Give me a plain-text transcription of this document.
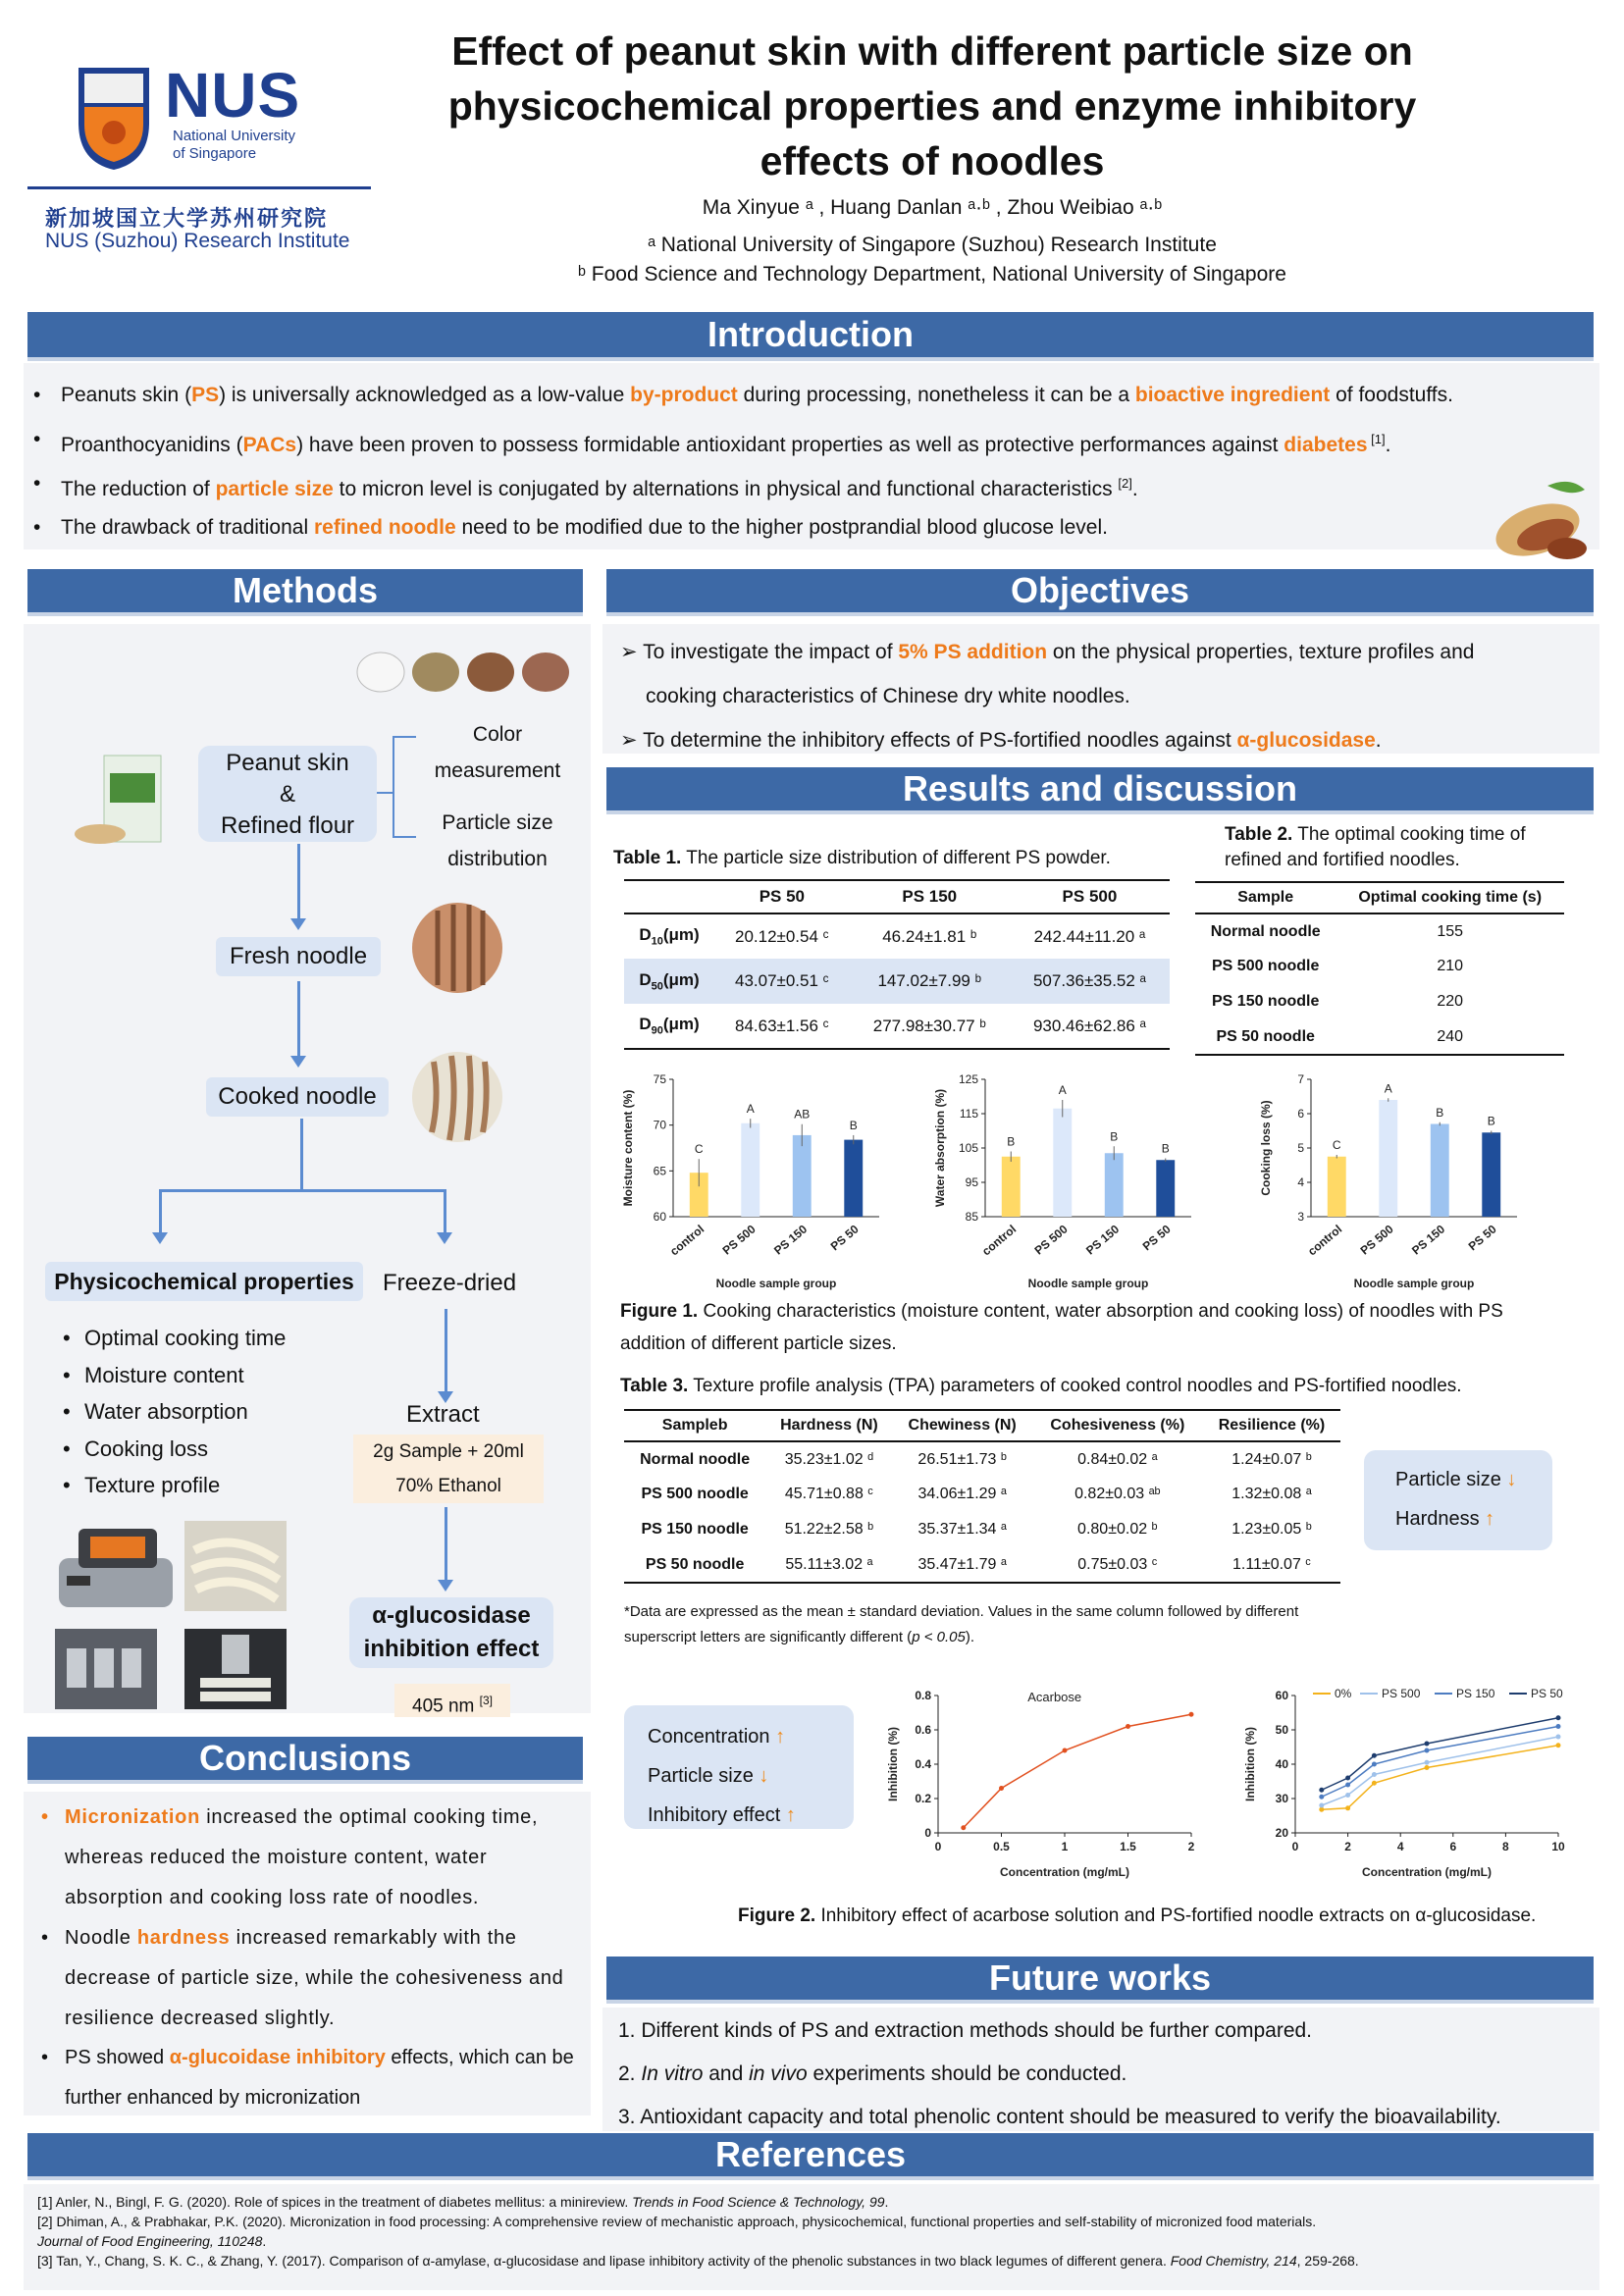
NUS
National University
of Singapore
新加坡国立大学苏州研究院
NUS (Suzhou) Research Institute
Effect of peanut skin with different particle size on
physicochemical properties and enzyme inhibitory
effects of noodles
Ma Xinyue ᵃ , Huang Danlan ᵃ·ᵇ , Zhou Weibiao ᵃ·ᵇ
ᵃ National University of Singapore (Suzhou) Research Institute
ᵇ Food Science and Technology Department, National University of Singapore
Introduction
• Peanuts skin (PS) is universally acknowledged as a low-value by-product during processing, nonetheless it can be a bioactive ingredient of foodstuffs.
• Proanthocyanidins (PACs) have been proven to possess formidable antioxidant properties as well as protective performances against diabetes [1].
• The reduction of particle size to micron level is conjugated by alternations in physical and functional characteristics [2].
• The drawback of traditional refined noodle need to be modified due to the higher postprandial blood glucose level.
Methods
Peanut skin
&
Refined flour
Color
measurement
Particle size
distribution
Fresh noodle
Cooked noodle
Physicochemical properties	Freeze-dried
• Optimal cooking time
• Moisture content
• Water absorption
• Cooking loss
• Texture profile
Extract
2g Sample + 20ml
70% Ethanol
α-glucosidase
inhibition effect
405 nm [3]
Conclusions
• Micronization increased the optimal cooking time,
whereas reduced the moisture content, water
absorption and cooking loss rate of noodles.
• Noodle hardness increased remarkably with the
decrease of particle size, while the cohesiveness and
resilience decreased slightly.
• PS showed α-glucoidase inhibitory effects, which can be
further enhanced by micronization
Objectives
➢ To investigate the impact of 5% PS addition on the physical properties, texture profiles and
cooking characteristics of Chinese dry white noodles.
➢ To determine the inhibitory effects of PS-fortified noodles against α-glucosidase.
Results and discussion
Table 1. The particle size distribution of different PS powder.
	PS 50	PS 150	PS 500
$D_{10}(\mu m)$	20.12±0.54 ᶜ	46.24±1.81 ᵇ	242.44±11.20 ᵃ
$D_{50}(\mu m)$	43.07±0.51 ᶜ	147.02±7.99 ᵇ	507.36±35.52 ᵃ
$D_{90}(\mu m)$	84.63±1.56 ᶜ	277.98±30.77 ᵇ	930.46±62.86 ᵃ
Table 2. The optimal cooking time of
refined and fortified noodles.
Sample	Optimal cooking time (s)
Normal noodle	155
PS 500 noodle	210
PS 150 noodle	220
PS 50 noodle	240
60
65
70
75
C
control
A
PS 500
AB
PS 150
B
PS 50
Noodle sample group
Moisture content (%)
85
95
105
115
125
B
control
A
PS 500
B
PS 150
B
PS 50
Noodle sample group
Water absorption (%)
3
4
5
6
7
C
control
A
PS 500
B
PS 150
B
PS 50
Noodle sample group
Cooking loss (%)
Figure 1. Cooking characteristics (moisture content, water absorption and cooking loss) of noodles with PS
addition of different particle sizes.
Table 3. Texture profile analysis (TPA) parameters of cooked control noodles and PS-fortified noodles.
Sampleb	Hardness (N)	Chewiness (N)	Cohesiveness (%)	Resilience (%)
Normal noodle	35.23±1.02 ᵈ	26.51±1.73 ᵇ	0.84±0.02 ᵃ	1.24±0.07 ᵇ
PS 500 noodle	45.71±0.88 ᶜ	34.06±1.29 ᵃ	0.82±0.03 ᵃᵇ	1.32±0.08 ᵃ
PS 150 noodle	51.22±2.58 ᵇ	35.37±1.34 ᵃ	0.80±0.02 ᵇ	1.23±0.05 ᵇ
PS 50 noodle	55.11±3.02 ᵃ	35.47±1.79 ᵃ	0.75±0.03 ᶜ	1.11±0.07 ᶜ
*Data are expressed as the mean ± standard deviation. Values in the same column followed by different
superscript letters are significantly different (p < 0.05).
Particle size ↓
Hardness ↑
Concentration ↑
Particle size ↓
Inhibitory effect ↑
0
0.2
0.4
0.6
0.8
0	0.5	1	1.5	2
Acarbose
Concentration (mg/mL)
Inhibition (%)
20
30
40
50
60
0	2	4	6	8	10
0%	PS 500	PS 150	PS 50
Concentration (mg/mL)
Inhibition (%)
Figure 2. Inhibitory effect of acarbose solution and PS-fortified noodle extracts on α-glucosidase.
Future works
1. Different kinds of PS and extraction methods should be further compared.
2. In vitro and in vivo experiments should be conducted.
3. Antioxidant capacity and total phenolic content should be measured to verify the bioavailability.
References
[1] Anler, N., Bingl, F. G. (2020). Role of spices in the treatment of diabetes mellitus: a minireview. Trends in Food Science & Technology, 99.
[2] Dhiman, A., & Prabhakar, P.K. (2020). Micronization in food processing: A comprehensive review of mechanistic approach, physicochemical, functional properties and self-stability of micronized food materials.
Journal of Food Engineering, 110248.
[3] Tan, Y., Chang, S. K. C., & Zhang, Y. (2017). Comparison of α-amylase, α-glucosidase and lipase inhibitory activity of the phenolic substances in two black legumes of different genera. Food Chemistry, 214, 259-268.
